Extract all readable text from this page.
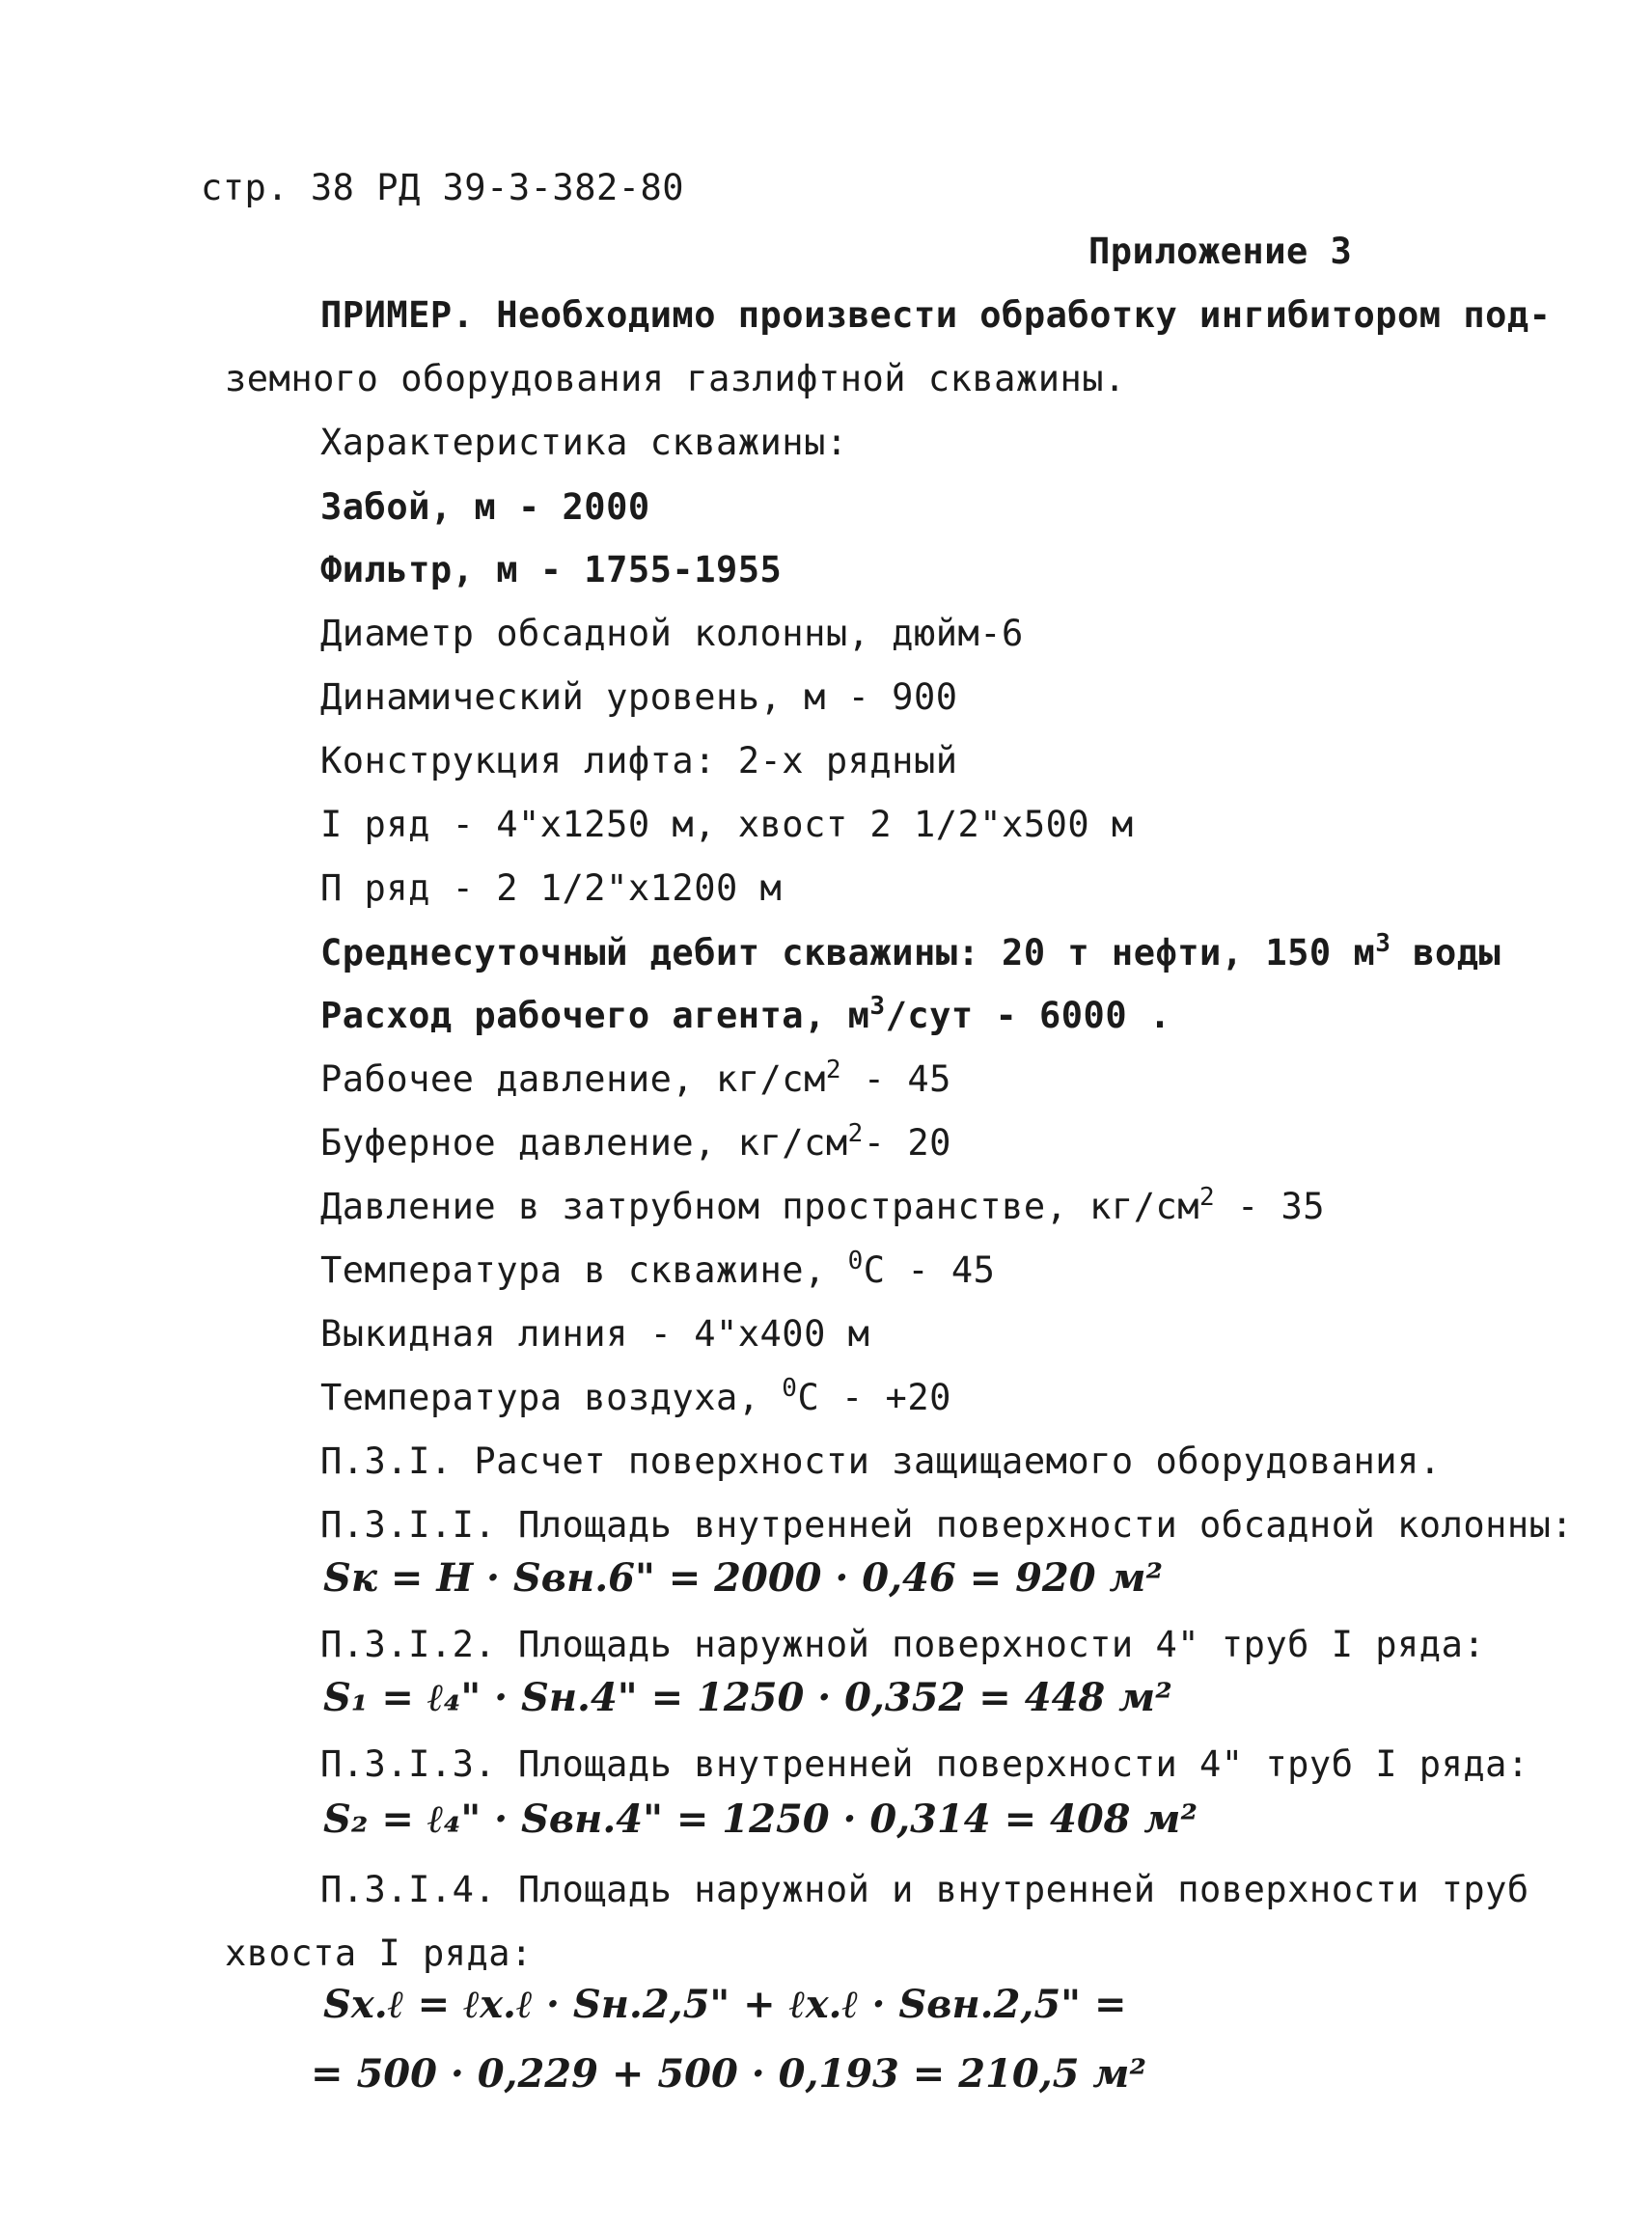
стр. 38 РД 39-3-382-80
Приложение 3
ПРИМЕР. Необходимо произвести обработку ингибитором под-
земного оборудования газлифтной скважины.
Характеристика скважины:
Забой, м - 2000
Фильтр, м - 1755-1955
Диаметр обсадной колонны, дюйм-6
Динамический уровень, м - 900
Конструкция лифта: 2-х рядный
I ряд - 4"x1250 м, хвост 2 1/2"x500 м
П ряд - 2 1/2"x1200 м
Среднесуточный дебит скважины: 20 т нефти, 150 $м^3$ воды
Расход рабочего агента, $м^3$/сут - 6000 .
Рабочее давление, $кг/см^2 - 45$
Буферное давление, $кг/см^2-$ 20
Давление в затрубном пространстве, $кг/см^2 - 35$
Температура в скважине, $^0$С - 45
Выкидная линия - 4"x400 м
Температура воздуха, $^0$С - +20
П.3.I. Расчет поверхности защищаемого оборудования.
П.3.I.I. Площадь внутренней поверхности обсадной колонны:
Sк = H · Sвн.6" = 2000 · 0,46 = 920 м²
П.3.I.2. Площадь наружной поверхности 4" труб I ряда:
S₁ = ℓ₄" · Sн.4" = 1250 · 0,352 = 448 м²
П.3.I.3. Площадь внутренней поверхности 4" труб I ряда:
S₂ = ℓ₄" · Sвн.4" = 1250 · 0,314 = 408 м²
П.3.I.4. Площадь наружной и внутренней поверхности труб
хвоста I ряда:
Sх.ℓ = ℓх.ℓ · Sн.2,5" + ℓх.ℓ · Sвн.2,5" =
= 500 · 0,229 + 500 · 0,193 = 210,5 м²
